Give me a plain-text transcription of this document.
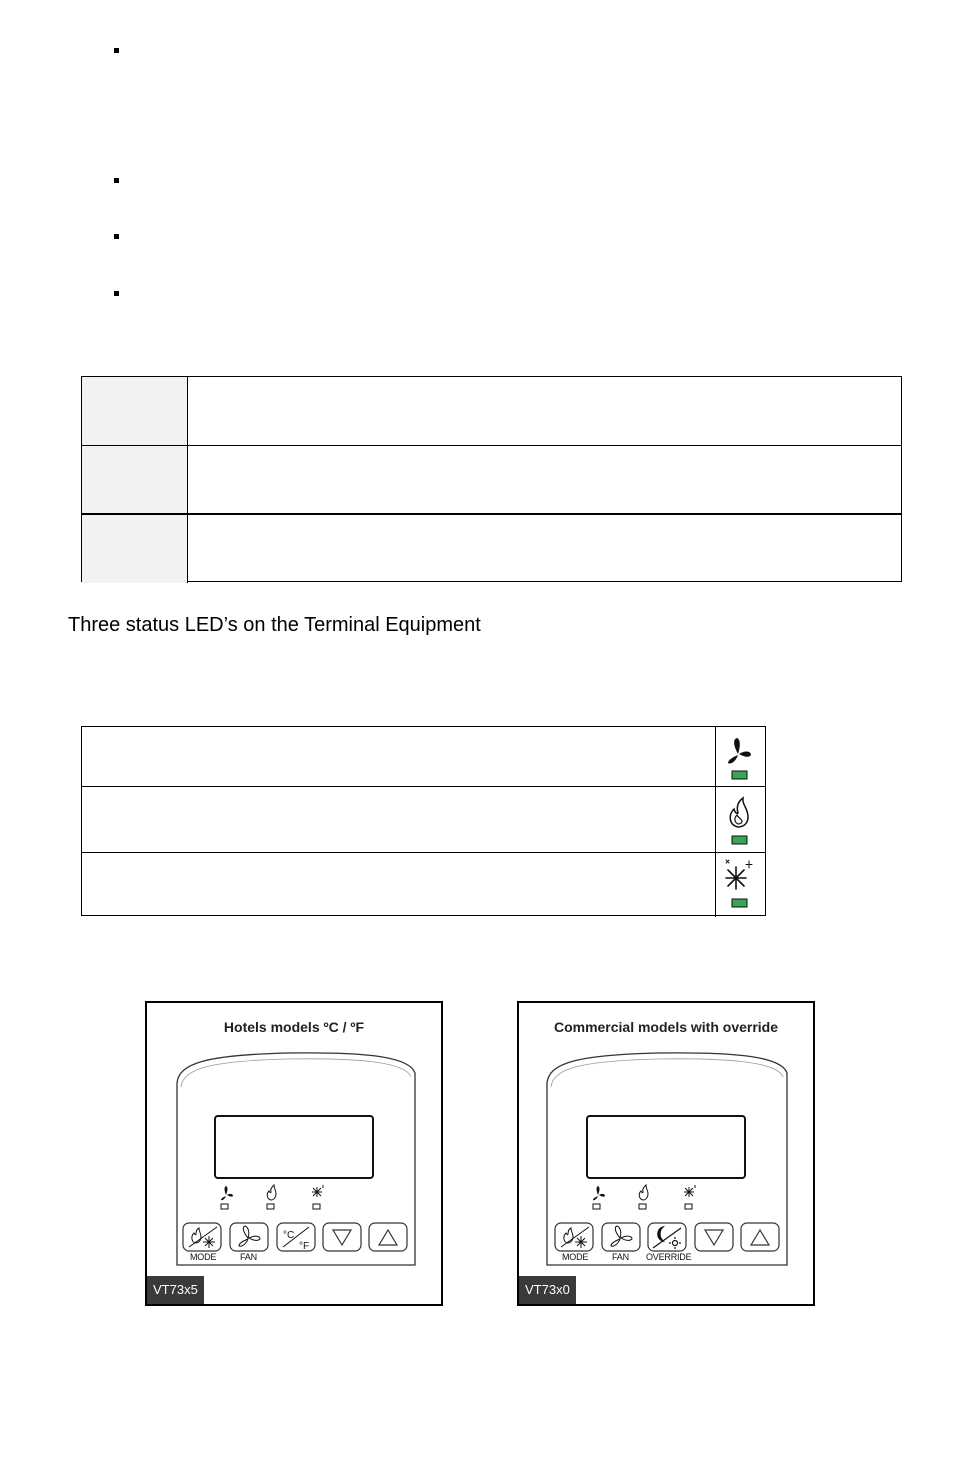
Three status LED’s on the Terminal Equipment
Hotels models ºC / ºF
°C
°F
MODE	FAN
VT73x5
Commercial models with override
MODE	FAN OVERRIDE
VT73x0
